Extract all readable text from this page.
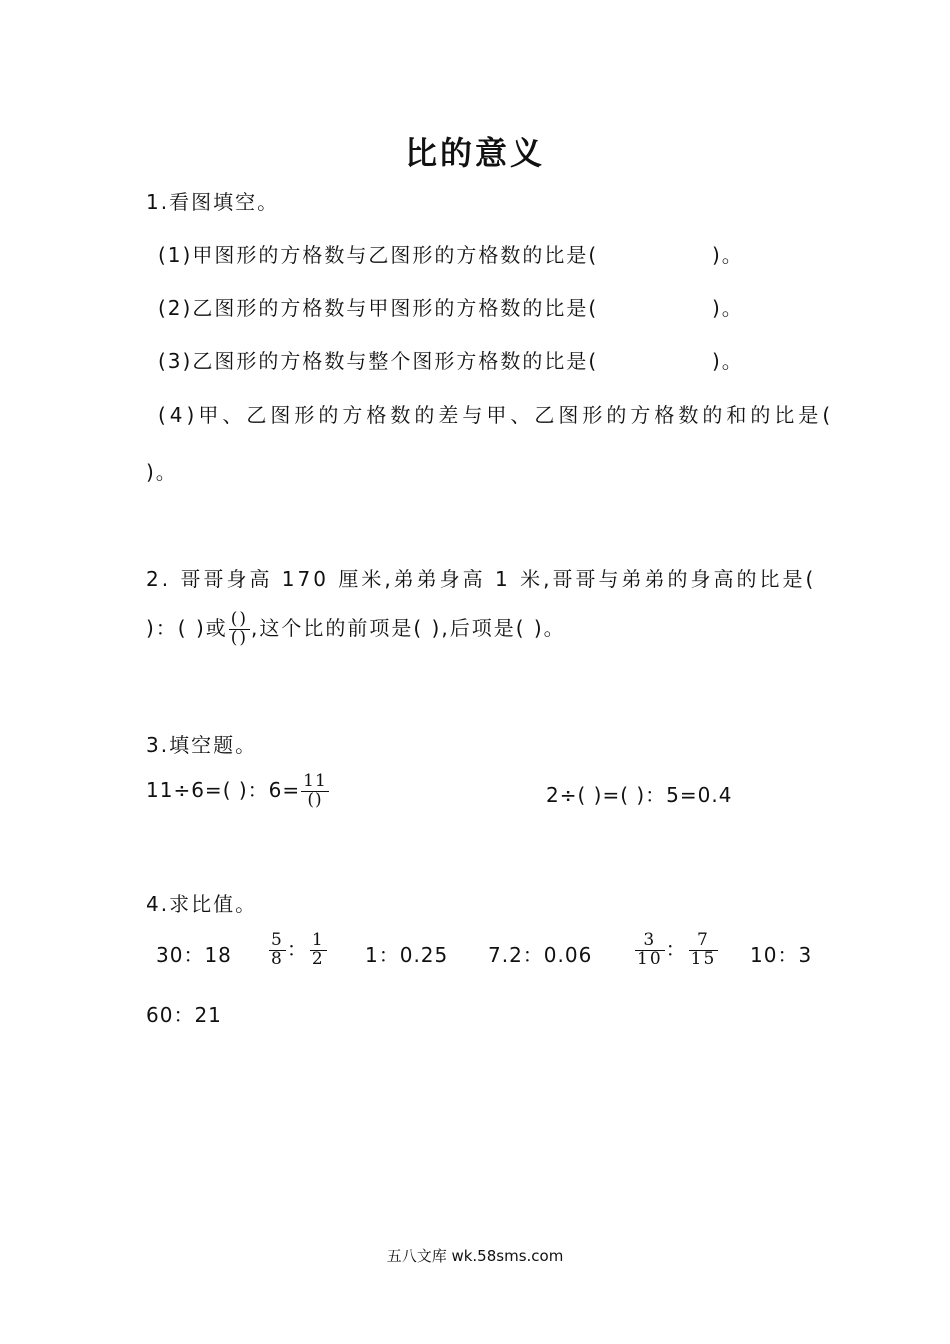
比的意义
1.看图填空。
(1)甲图形的方格数与乙图形的方格数的比是(	)。
(2)乙图形的方格数与甲图形的方格数的比是(	)。
(3)乙图形的方格数与整个图形方格数的比是(	)。
(4)甲、乙图形的方格数的差与甲、乙图形的方格数的和的比是(
)。
2. 哥哥身高 170 厘米,弟弟身高 1 米,哥哥与弟弟的身高的比是(
)：( )或 $\frac{()}{()}$ ,这个比的前项是( ),后项是( )。
3.填空题。
11÷6=( )：$6= \frac{11}{()}$	2÷( )=( )：5=0.4
4.求比值。
30：$18 \frac{5}{8}$ ： $\frac{1}{2} 1$：0.25 7.2：0.06	$\frac{3}{10}$ ： $\frac{7}{15} 10$：3
60：21
五八文库 wk.58sms.com
